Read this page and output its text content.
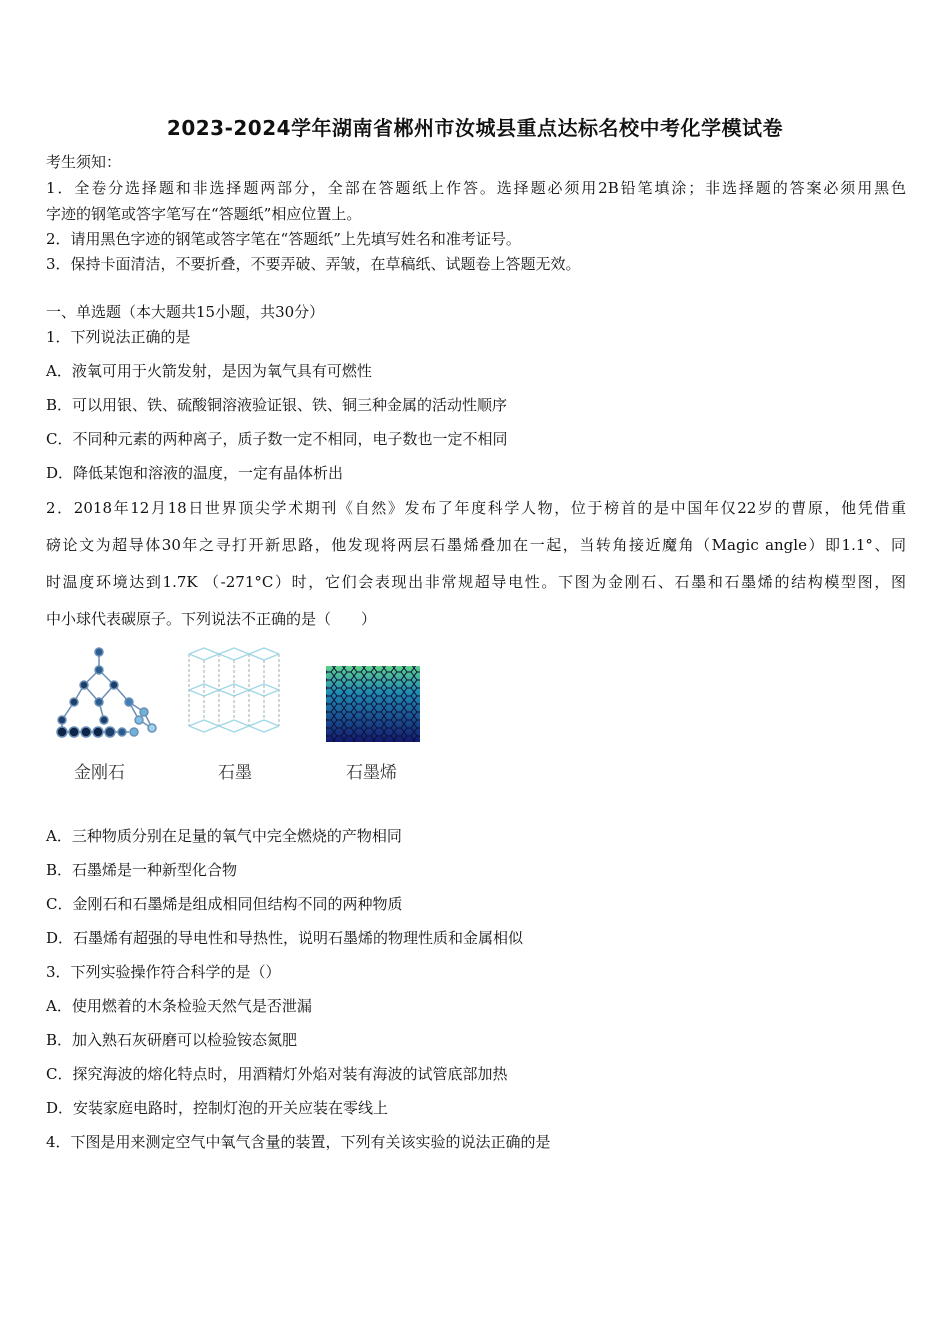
2023-2024学年湖南省郴州市汝城县重点达标名校中考化学模试卷
考生须知：
1．全卷分选择题和非选择题两部分，全部在答题纸上作答。选择题必须用2B铅笔填涂；非选择题的答案必须用黑色
字迹的钢笔或答字笔写在“答题纸”相应位置上。
2．请用黑色字迹的钢笔或答字笔在“答题纸”上先填写姓名和准考证号。
3．保持卡面清洁，不要折叠，不要弄破、弄皱，在草稿纸、试题卷上答题无效。
一、单选题（本大题共15小题，共30分）
1．下列说法正确的是
A．液氧可用于火箭发射，是因为氧气具有可燃性
B．可以用银、铁、硫酸铜溶液验证银、铁、铜三种金属的活动性顺序
C．不同种元素的两种离子，质子数一定不相同，电子数也一定不相同
D．降低某饱和溶液的温度，一定有晶体析出
2．2018年12月18日世界顶尖学术期刊《自然》发布了年度科学人物，位于榜首的是中国年仅22岁的曹原，他凭借重
磅论文为超导体30年之寻打开新思路，他发现将两层石墨烯叠加在一起，当转角接近魔角（Magic angle）即1.1°、同
时温度环境达到1.7K （-271°C）时，它们会表现出非常规超导电性。下图为金刚石、石墨和石墨烯的结构模型图，图
中小球代表碳原子。下列说法不正确的是（　　）
金刚石	石墨	石墨烯
A．三种物质分别在足量的氧气中完全燃烧的产物相同
B．石墨烯是一种新型化合物
C．金刚石和石墨烯是组成相同但结构不同的两种物质
D．石墨烯有超强的导电性和导热性，说明石墨烯的物理性质和金属相似
3．下列实验操作符合科学的是（）
A．使用燃着的木条检验天然气是否泄漏
B．加入熟石灰研磨可以检验铵态氮肥
C．探究海波的熔化特点时，用酒精灯外焰对装有海波的试管底部加热
D．安装家庭电路时，控制灯泡的开关应装在零线上
4．下图是用来测定空气中氧气含量的装置，下列有关该实验的说法正确的是
